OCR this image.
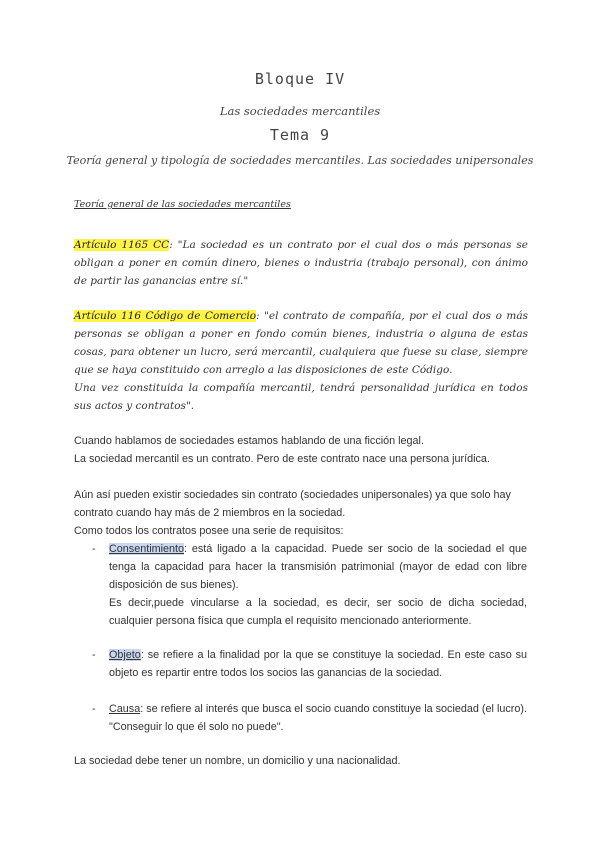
Bloque IV
Las sociedades mercantiles
Tema 9
Teoría general y tipología de sociedades mercantiles. Las sociedades unipersonales
Teoría general de las sociedades mercantiles
Artículo 1165 CC: "La sociedad es un contrato por el cual dos o más personas se obligan a poner en común dinero, bienes o industria (trabajo personal), con ánimo de partir las ganancias entre sí."
Artículo 116 Código de Comercio: "el contrato de compañía, por el cual dos o más personas se obligan a poner en fondo común bienes, industria o alguna de estas cosas, para obtener un lucro, será mercantil, cualquiera que fuese su clase, siempre que se haya constituido con arreglo a las disposiciones de este Código.
Una vez constituida la compañía mercantil, tendrá personalidad jurídica en todos sus actos y contratos".
Cuando hablamos de sociedades estamos hablando de una ficción legal.
La sociedad mercantil es un contrato. Pero de este contrato nace una persona jurídica.
Aún así pueden existir sociedades sin contrato (sociedades unipersonales) ya que solo hay contrato cuando hay más de 2 miembros en la sociedad.
Como todos los contratos posee una serie de requisitos:
- Consentimiento: está ligado a la capacidad. Puede ser socio de la sociedad el que tenga la capacidad para hacer la transmisión patrimonial (mayor de edad con libre disposición de sus bienes).
Es decir,puede vincularse a la sociedad, es decir, ser socio de dicha sociedad, cualquier persona física que cumpla el requisito mencionado anteriormente.
- Objeto: se refiere a la finalidad por la que se constituye la sociedad. En este caso su objeto es repartir entre todos los socios las ganancias de la sociedad.
- Causa: se refiere al interés que busca el socio cuando constituye la sociedad (el lucro). "Conseguir lo que él solo no puede".
La sociedad debe tener un nombre, un domicilio y una nacionalidad.
